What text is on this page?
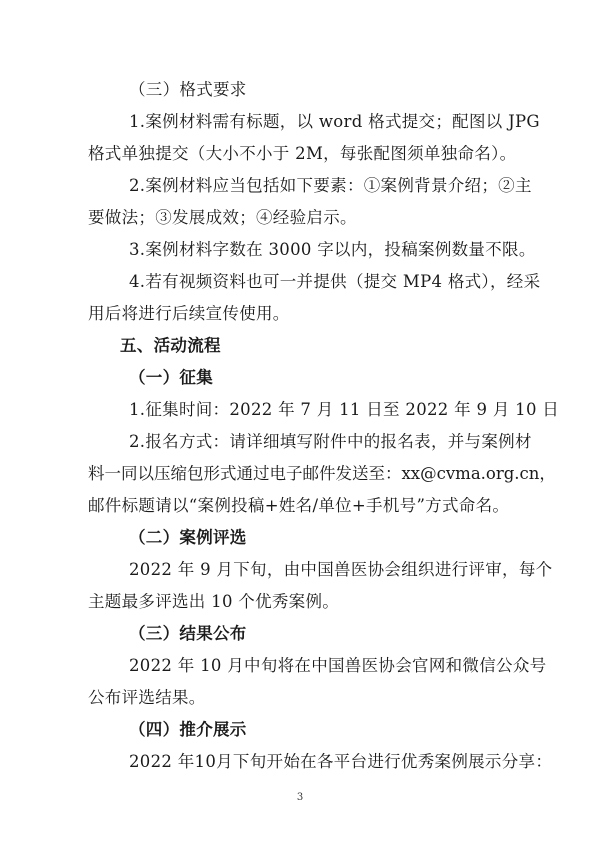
（三）格式要求
1.案例材料需有标题，以 word 格式提交；配图以 JPG
格式单独提交（大小不小于 2M，每张配图须单独命名）。
2.案例材料应当包括如下要素：①案例背景介绍；②主
要做法；③发展成效；④经验启示。
3.案例材料字数在 3000 字以内，投稿案例数量不限。
4.若有视频资料也可一并提供（提交 MP4 格式），经采
用后将进行后续宣传使用。
五、活动流程
（一）征集
1.征集时间：2022 年 7 月 11 日至 2022 年 9 月 10 日
2.报名方式：请详细填写附件中的报名表，并与案例材
料一同以压缩包形式通过电子邮件发送至：xx@cvma.org.cn，
邮件标题请以“案例投稿+姓名/单位+手机号”方式命名。
（二）案例评选
2022 年 9 月下旬，由中国兽医协会组织进行评审，每个
主题最多评选出 10 个优秀案例。
（三）结果公布
2022 年 10 月中旬将在中国兽医协会官网和微信公众号
公布评选结果。
（四）推介展示
2022 年10月下旬开始在各平台进行优秀案例展示分享：
3
